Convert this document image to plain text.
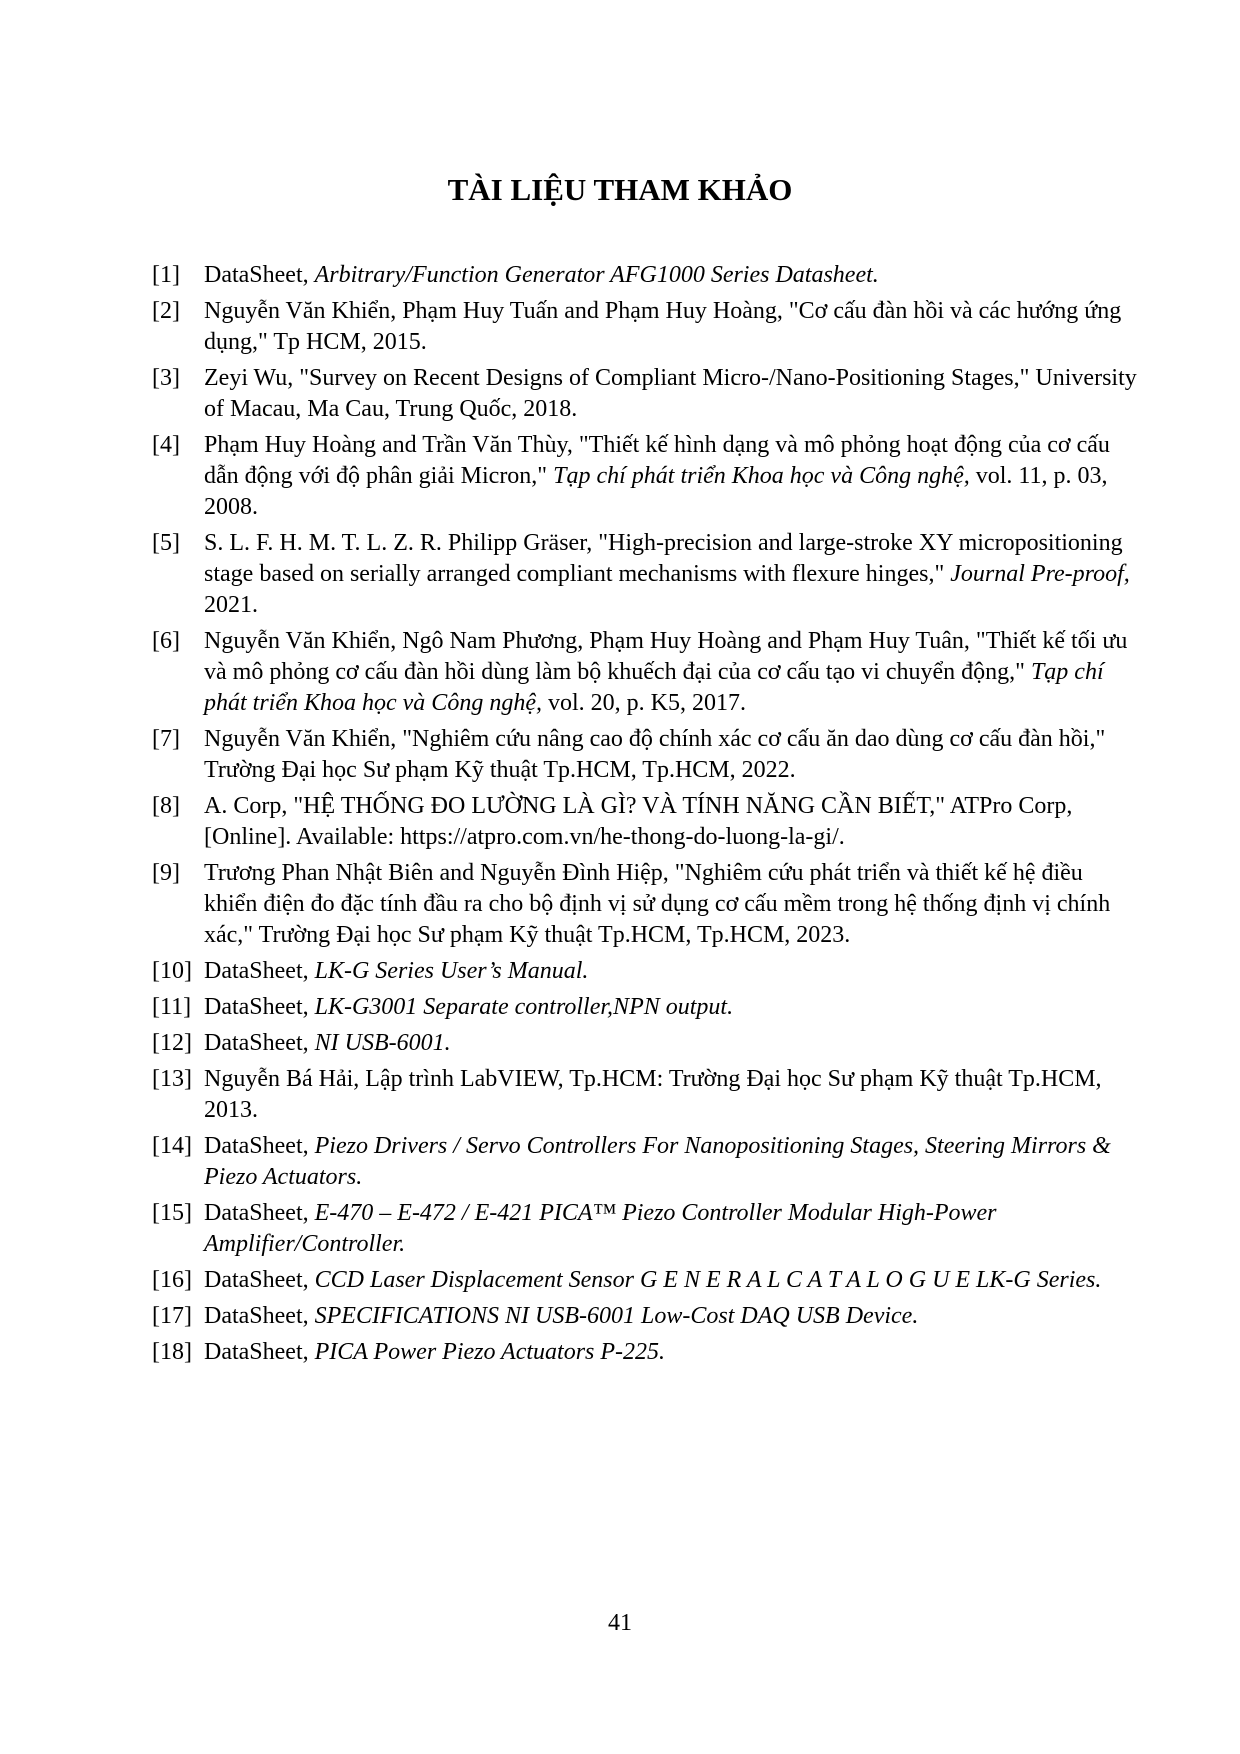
TÀI LIỆU THAM KHẢO
[1] DataSheet, Arbitrary/Function Generator AFG1000 Series Datasheet.
[2] Nguyễn Văn Khiển, Phạm Huy Tuấn and Phạm Huy Hoàng, "Cơ cấu đàn hồi và các hướng ứng dụng," Tp HCM, 2015.
[3] Zeyi Wu, "Survey on Recent Designs of Compliant Micro-/Nano-Positioning Stages," University of Macau, Ma Cau, Trung Quốc, 2018.
[4] Phạm Huy Hoàng and Trần Văn Thùy, "Thiết kế hình dạng và mô phỏng hoạt động của cơ cấu dẫn động với độ phân giải Micron," Tạp chí phát triển Khoa học và Công nghệ, vol. 11, p. 03, 2008.
[5] S. L. F. H. M. T. L. Z. R. Philipp Gräser, "High-precision and large-stroke XY micropositioning stage based on serially arranged compliant mechanisms with flexure hinges," Journal Pre-proof, 2021.
[6] Nguyễn Văn Khiển, Ngô Nam Phương, Phạm Huy Hoàng and Phạm Huy Tuân, "Thiết kế tối ưu và mô phỏng cơ cấu đàn hồi dùng làm bộ khuếch đại của cơ cấu tạo vi chuyển động," Tạp chí phát triển Khoa học và Công nghệ, vol. 20, p. K5, 2017.
[7] Nguyễn Văn Khiển, "Nghiêm cứu nâng cao độ chính xác cơ cấu ăn dao dùng cơ cấu đàn hồi," Trường Đại học Sư phạm Kỹ thuật Tp.HCM, Tp.HCM, 2022.
[8] A. Corp, "HỆ THỐNG ĐO LƯỜNG LÀ GÌ? VÀ TÍNH NĂNG CẦN BIẾT," ATPro Corp, [Online]. Available: https://atpro.com.vn/he-thong-do-luong-la-gi/.
[9] Trương Phan Nhật Biên and Nguyễn Đình Hiệp, "Nghiêm cứu phát triển và thiết kế hệ điều khiển điện đo đặc tính đầu ra cho bộ định vị sử dụng cơ cấu mềm trong hệ thống định vị chính xác," Trường Đại học Sư phạm Kỹ thuật Tp.HCM, Tp.HCM, 2023.
[10] DataSheet, LK-G Series User’s Manual.
[11] DataSheet, LK-G3001 Separate controller,NPN output.
[12] DataSheet, NI USB-6001.
[13] Nguyễn Bá Hải, Lập trình LabVIEW, Tp.HCM: Trường Đại học Sư phạm Kỹ thuật Tp.HCM, 2013.
[14] DataSheet, Piezo Drivers / Servo Controllers For Nanopositioning Stages, Steering Mirrors & Piezo Actuators.
[15] DataSheet, E-470 – E-472 / E-421 PICA™ Piezo Controller Modular High-Power Amplifier/Controller.
[16] DataSheet, CCD Laser Displacement Sensor G E N E R A L C A T A L O G U E LK-G Series.
[17] DataSheet, SPECIFICATIONS NI USB-6001 Low-Cost DAQ USB Device.
[18] DataSheet, PICA Power Piezo Actuators P-225.
41
